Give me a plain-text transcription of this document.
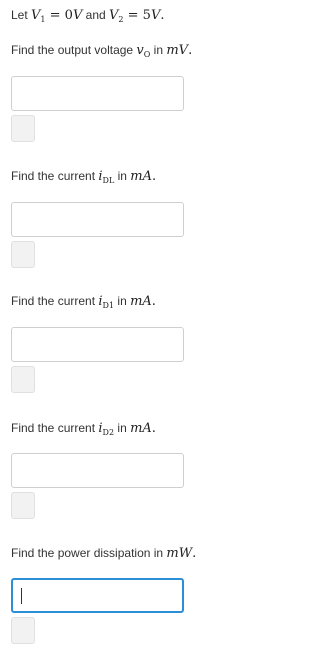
Let $V_1 = 0V$ and $V_2 = 5V$.
Find the output voltage $v_O$ in mV.
Find the current $i_{DL}$ in mA.
Find the current $i_{D1}$ in mA.
Find the current $i_{D2}$ in mA.
Find the power dissipation in mW.
